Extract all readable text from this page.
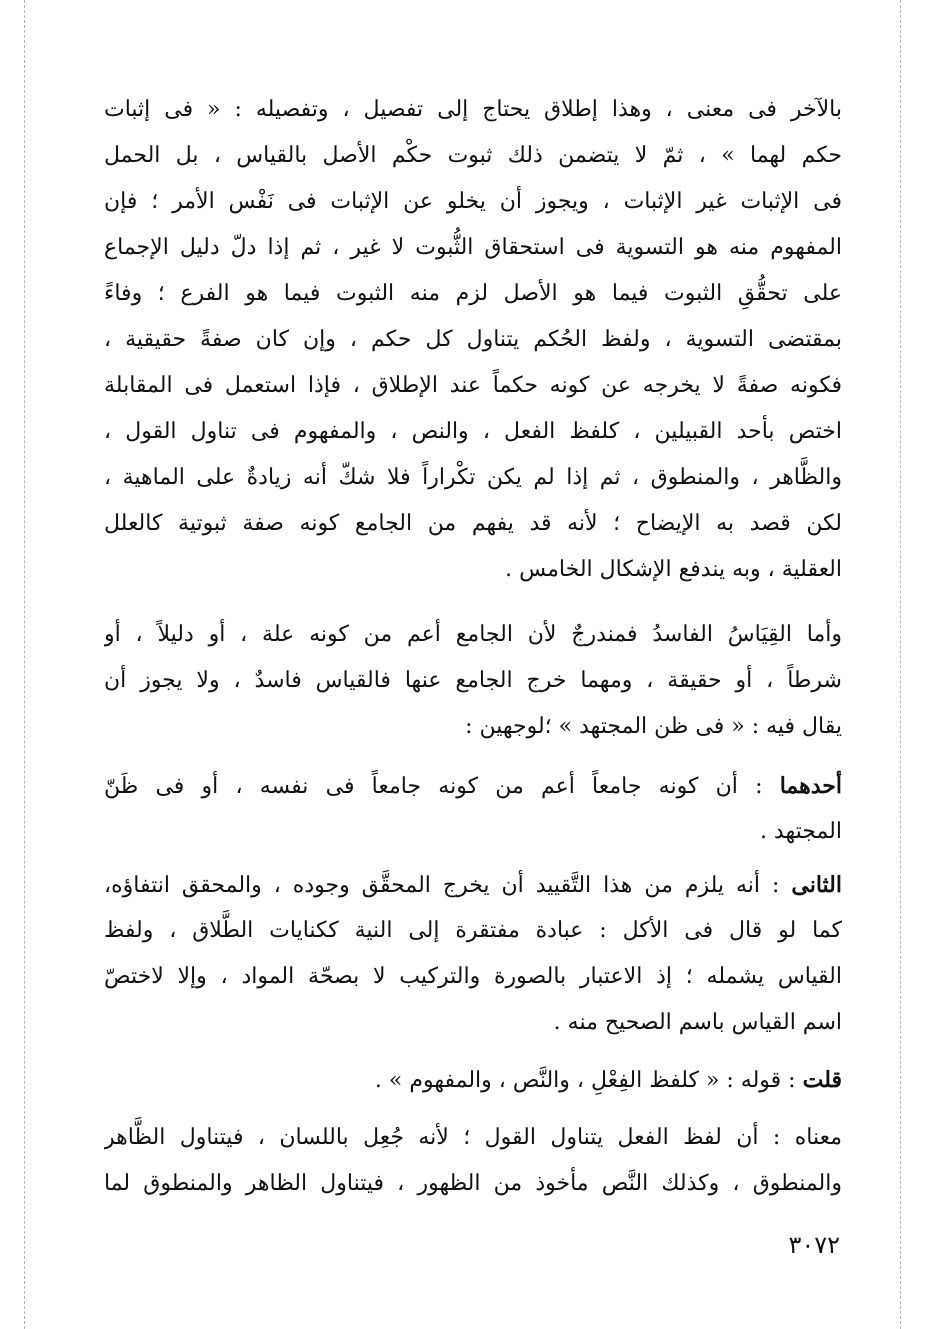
بالآخر فى معنى ، وهذا إطلاق يحتاج إلى تفصيل ، وتفصيله : « فى إثبات
حكم لهما » ، ثمّ لا يتضمن ذلك ثبوت حكْم الأصل بالقياس ، بل الحمل
فى الإثبات غير الإثبات ، ويجوز أن يخلو عن الإثبات فى نَفْس الأمر ؛ فإن
المفهوم منه هو التسوية فى استحقاق الثُّبوت لا غير ، ثم إذا دلّ دليل الإجماع
على تحقُّقِ الثبوت فيما هو الأصل لزم منه الثبوت فيما هو الفرع ؛ وفاءً
بمقتضى التسوية ، ولفظ الحُكم يتناول كل حكم ، وإن كان صفةً حقيقية ،
فكونه صفةً لا يخرجه عن كونه حكماً عند الإطلاق ، فإذا استعمل فى المقابلة
اختص بأحد القبيلين ، كلفظ الفعل ، والنص ، والمفهوم فى تناول القول ،
والظَّاهر ، والمنطوق ، ثم إذا لم يكن تكْراراً فلا شكّ أنه زيادةٌ على الماهية ،
لكن قصد به الإيضاح ؛ لأنه قد يفهم من الجامع كونه صفة ثبوتية كالعلل
العقلية ، وبه يندفع الإشكال الخامس .
وأما القِيَاسُ الفاسدُ فمندرجٌ لأن الجامع أعم من كونه علة ، أو دليلاً ، أو
شرطاً ، أو حقيقة ، ومهما خرج الجامع عنها فالقياس فاسدٌ ، ولا يجوز أن
يقال فيه : « فى ظن المجتهد » ؛لوجهين :
أحدهما : أن كونه جامعاً أعم من كونه جامعاً فى نفسه ، أو فى ظَنّ
المجتهد .
الثانى : أنه يلزم من هذا التَّقييد أن يخرج المحقَّق وجوده ، والمحقق انتفاؤه،
كما لو قال فى الأكل : عبادة مفتقرة إلى النية ككنايات الطَّلاق ، ولفظ
القياس يشمله ؛ إذ الاعتبار بالصورة والتركيب لا بصحّة المواد ، وإلا لاختصّ
اسم القياس باسم الصحيح منه .
قلت : قوله : « كلفظ الفِعْلِ ، والنَّص ، والمفهوم » .
معناه : أن لفظ الفعل يتناول القول ؛ لأنه جُعِل باللسان ، فيتناول الظَّاهر
والمنطوق ، وكذلك النَّص مأخوذ من الظهور ، فيتناول الظاهر والمنطوق لما
٣٠٧٢
